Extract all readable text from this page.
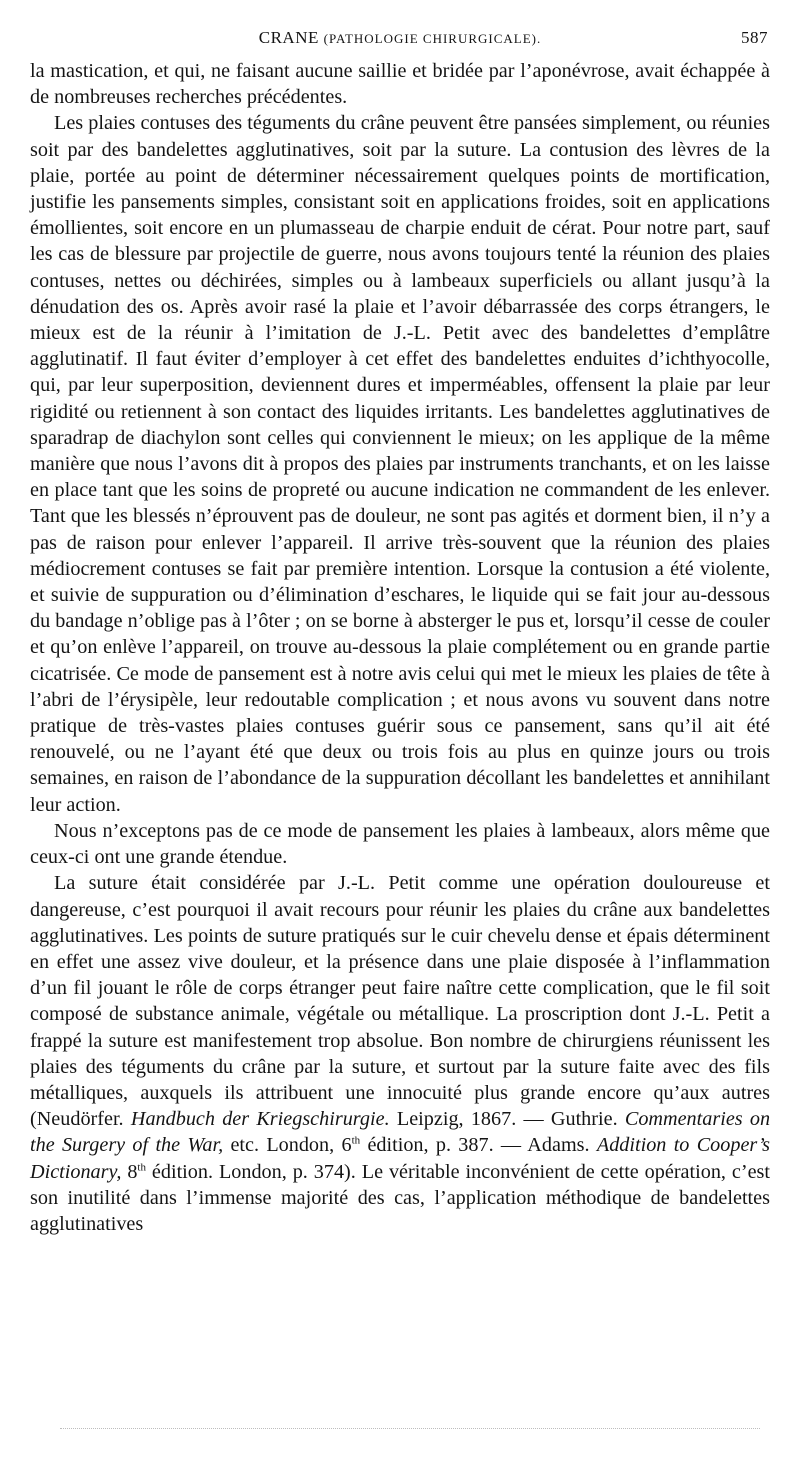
CRANE (PATHOLOGIE CHIRURGICALE).	587

la mastication, et qui, ne faisant aucune saillie et bridée par l’aponévrose, avait échappée à de nombreuses recherches précédentes.

Les plaies contuses des téguments du crâne peuvent être pansées simplement, ou réunies soit par des bandelettes agglutinatives, soit par la suture. La contusion des lèvres de la plaie, portée au point de déterminer nécessairement quelques points de mortification, justifie les pansements simples, consistant soit en applications froides, soit en applications émollientes, soit encore en un plumasseau de charpie enduit de cérat. Pour notre part, sauf les cas de blessure par projectile de guerre, nous avons toujours tenté la réunion des plaies contuses, nettes ou déchirées, simples ou à lambeaux superficiels ou allant jusqu’à la dénudation des os. Après avoir rasé la plaie et l’avoir débarrassée des corps étrangers, le mieux est de la réunir à l’imitation de J.-L. Petit avec des bandelettes d’emplâtre agglutinatif. Il faut éviter d’employer à cet effet des bandelettes enduites d’ichthyocolle, qui, par leur superposition, deviennent dures et imperméables, offensent la plaie par leur rigidité ou retiennent à son contact des liquides irritants. Les bandelettes agglutinatives de sparadrap de diachylon sont celles qui conviennent le mieux; on les applique de la même manière que nous l’avons dit à propos des plaies par instruments tranchants, et on les laisse en place tant que les soins de propreté ou aucune indication ne commandent de les enlever. Tant que les blessés n’éprouvent pas de douleur, ne sont pas agités et dorment bien, il n’y a pas de raison pour enlever l’appareil. Il arrive très-souvent que la réunion des plaies médiocrement contuses se fait par première intention. Lorsque la contusion a été violente, et suivie de suppuration ou d’élimination d’eschares, le liquide qui se fait jour au-dessous du bandage n’oblige pas à l’ôter ; on se borne à absterger le pus et, lorsqu’il cesse de couler et qu’on enlève l’appareil, on trouve au-dessous la plaie complétement ou en grande partie cicatrisée. Ce mode de pansement est à notre avis celui qui met le mieux les plaies de tête à l’abri de l’érysipèle, leur redoutable complication ; et nous avons vu souvent dans notre pratique de très-vastes plaies contuses guérir sous ce pansement, sans qu’il ait été renouvelé, ou ne l’ayant été que deux ou trois fois au plus en quinze jours ou trois semaines, en raison de l’abondance de la suppuration décollant les bandelettes et annihilant leur action.

Nous n’exceptons pas de ce mode de pansement les plaies à lambeaux, alors même que ceux-ci ont une grande étendue.

La suture était considérée par J.-L. Petit comme une opération douloureuse et dangereuse, c’est pourquoi il avait recours pour réunir les plaies du crâne aux bandelettes agglutinatives. Les points de suture pratiqués sur le cuir chevelu dense et épais déterminent en effet une assez vive douleur, et la présence dans une plaie disposée à l’inflammation d’un fil jouant le rôle de corps étranger peut faire naître cette complication, que le fil soit composé de substance animale, végétale ou métallique. La proscription dont J.-L. Petit a frappé la suture est manifestement trop absolue. Bon nombre de chirurgiens réunissent les plaies des téguments du crâne par la suture, et surtout par la suture faite avec des fils métalliques, auxquels ils attribuent une innocuité plus grande encore qu’aux autres (Neudörfer. Handbuch der Kriegschirurgie. Leipzig, 1867. — Guthrie. Commentaries on the Surgery of the War, etc. London, 6th édition, p. 387. — Adams. Addition to Cooper’s Dictionary, 8th édition. London, p. 374). Le véritable inconvénient de cette opération, c’est son inutilité dans l’immense majorité des cas, l’application méthodique de bandelettes agglutinatives
